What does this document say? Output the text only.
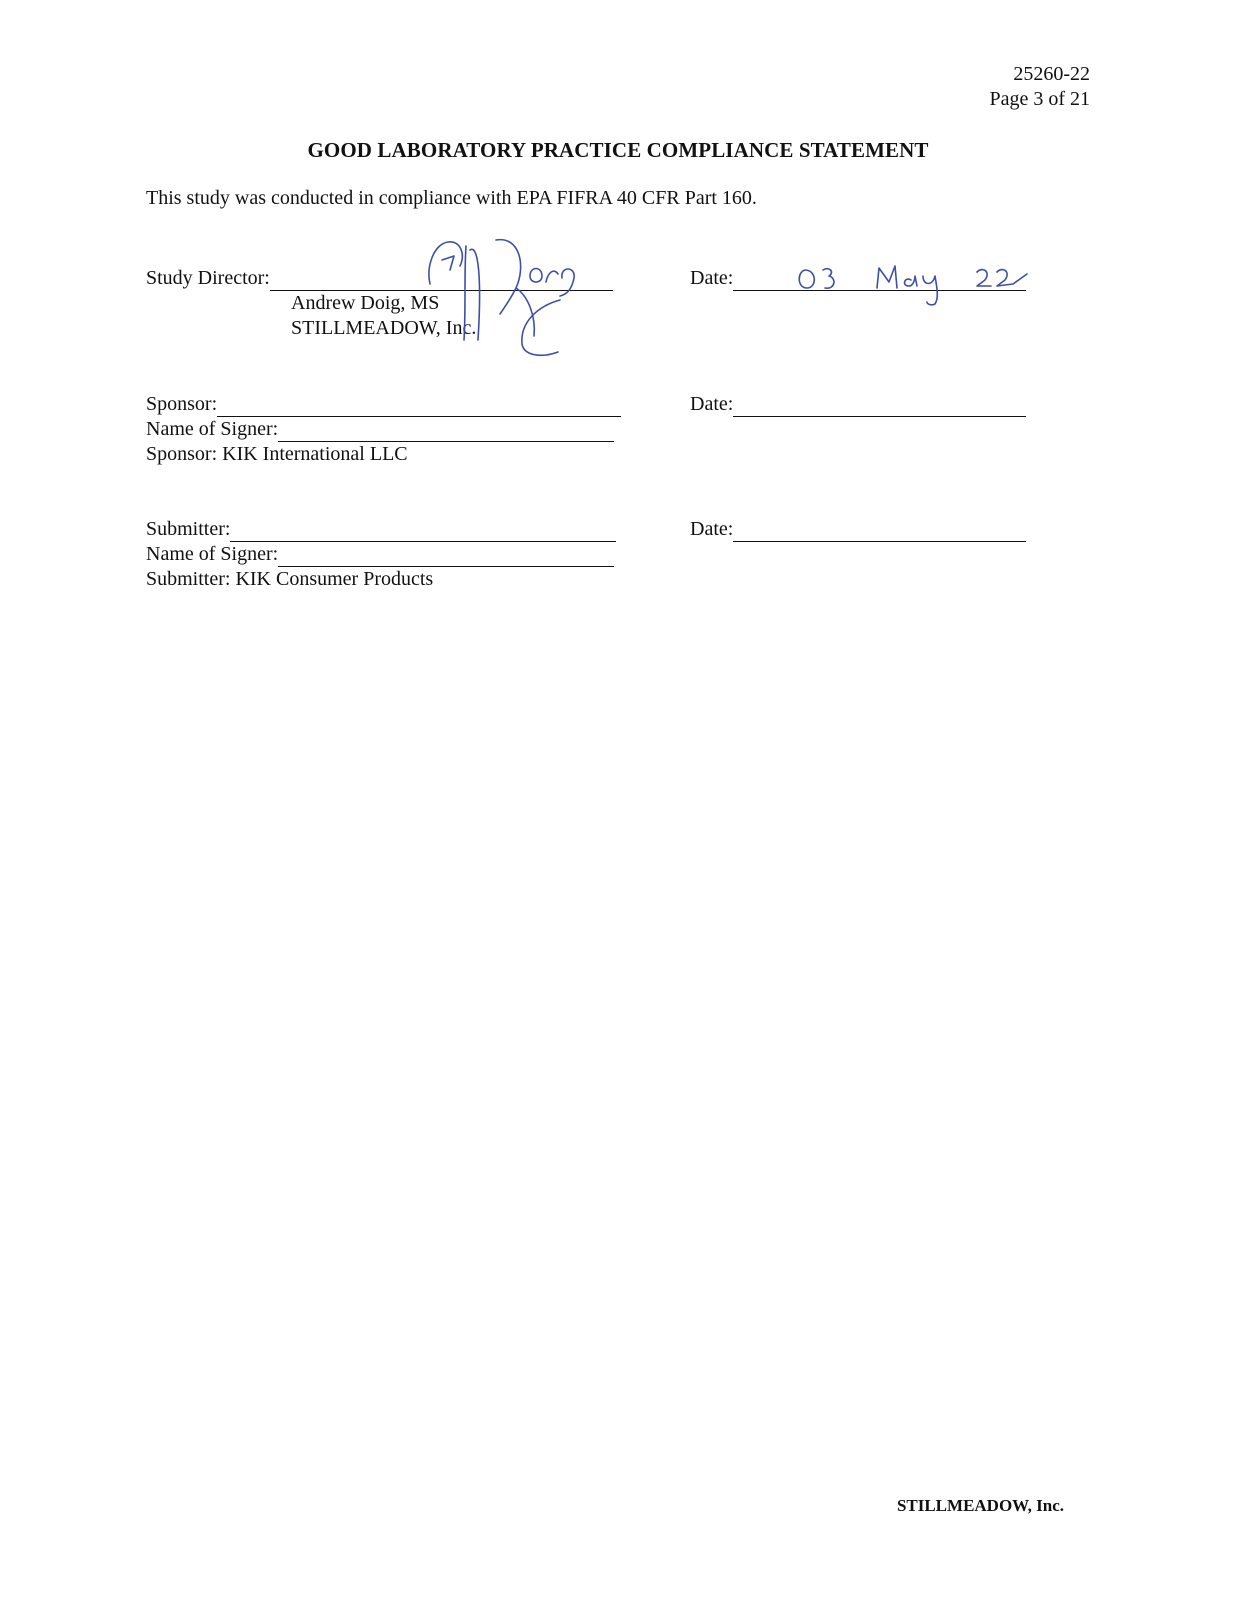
25260-22
Page 3 of 21
GOOD LABORATORY PRACTICE COMPLIANCE STATEMENT
This study was conducted in compliance with EPA FIFRA 40 CFR Part 160.
Study Director:
Andrew Doig, MS
STILLMEADOW, Inc.
Date:
Sponsor:
Name of Signer:
Sponsor: KIK International LLC
Date:
Submitter:
Name of Signer:
Submitter: KIK Consumer Products
Date:
STILLMEADOW, Inc.
